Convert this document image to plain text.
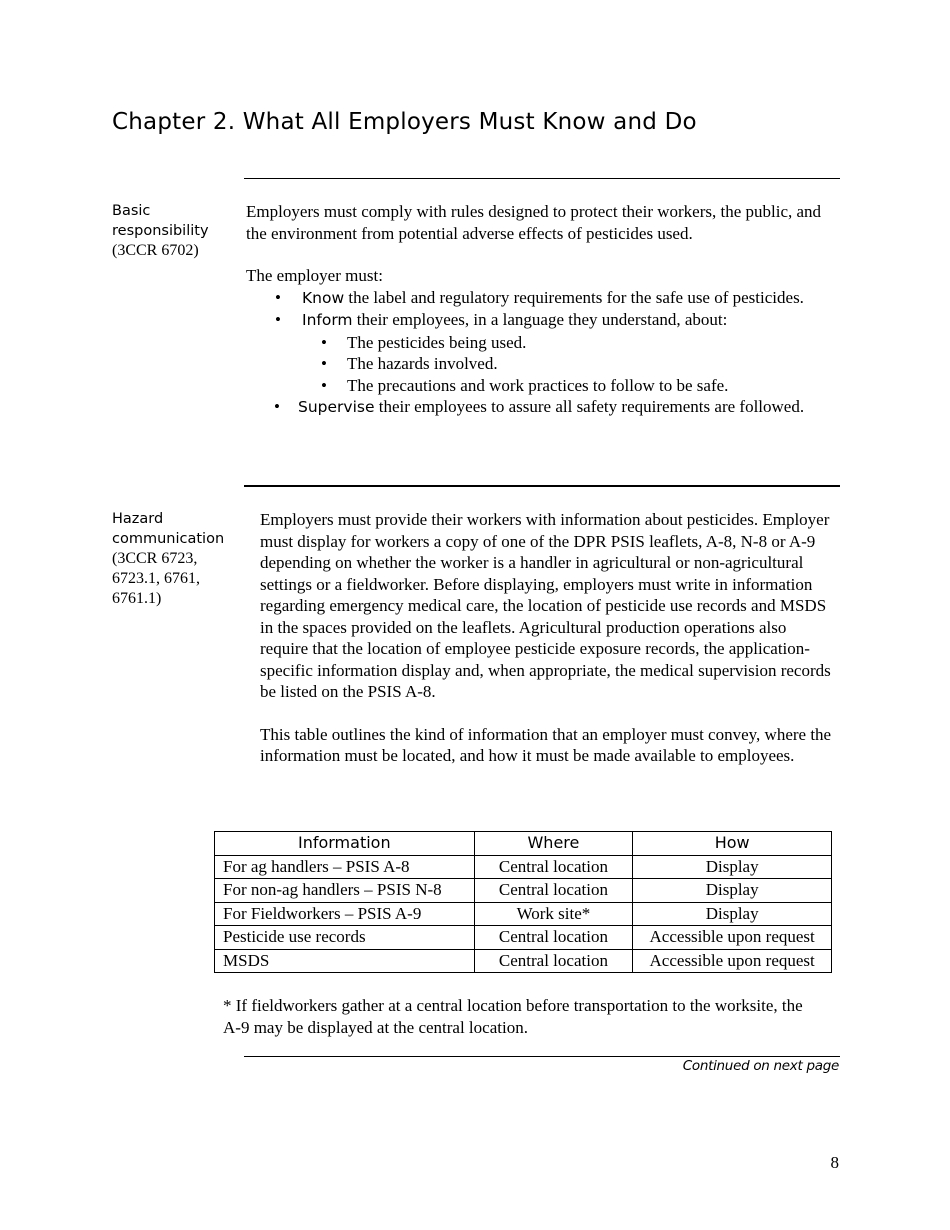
Chapter 2. What All Employers Must Know and Do
Basic
responsibility
(3CCR 6702)

Employers must comply with rules designed to protect their workers, the public, and the environment from potential adverse effects of pesticides used.

The employer must:

• Know the label and regulatory requirements for the safe use of pesticides.
• Inform their employees, in a language they understand, about:
• The pesticides being used.
• The hazards involved.
• The precautions and work practices to follow to be safe.
• Supervise their employees to assure all safety requirements are followed.
Hazard
communication
(3CCR 6723,
6723.1, 6761,
6761.1)

Employers must provide their workers with information about pesticides. Employer must display for workers a copy of one of the DPR PSIS leaflets, A-8, N-8 or A-9 depending on whether the worker is a handler in agricultural or non-agricultural settings or a fieldworker. Before displaying, employers must write in information regarding emergency medical care, the location of pesticide use records and MSDS in the spaces provided on the leaflets. Agricultural production operations also require that the location of employee pesticide exposure records, the application-specific information display and, when appropriate, the medical supervision records be listed on the PSIS A-8.

This table outlines the kind of information that an employer must convey, where the information must be located, and how it must be made available to employees.

Information	Where	How
For ag handlers – PSIS A-8	Central location	Display
For non-ag handlers – PSIS N-8	Central location	Display
For Fieldworkers – PSIS A-9	Work site*	Display
Pesticide use records	Central location	Accessible upon request
MSDS	Central location	Accessible upon request

* If fieldworkers gather at a central location before transportation to the worksite, the A-9 may be displayed at the central location.

Continued on next page
8
